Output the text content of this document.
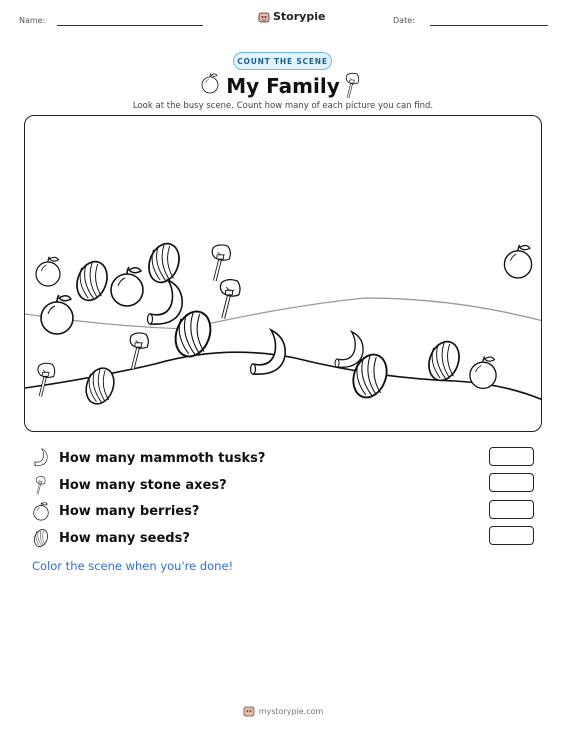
Name:	Storypie	Date:
COUNT THE SCENE
My Family
Look at the busy scene. Count how many of each picture you can find.
How many mammoth tusks?
How many stone axes?
How many berries?
How many seeds?
Color the scene when you're done!
mystorypie.com
